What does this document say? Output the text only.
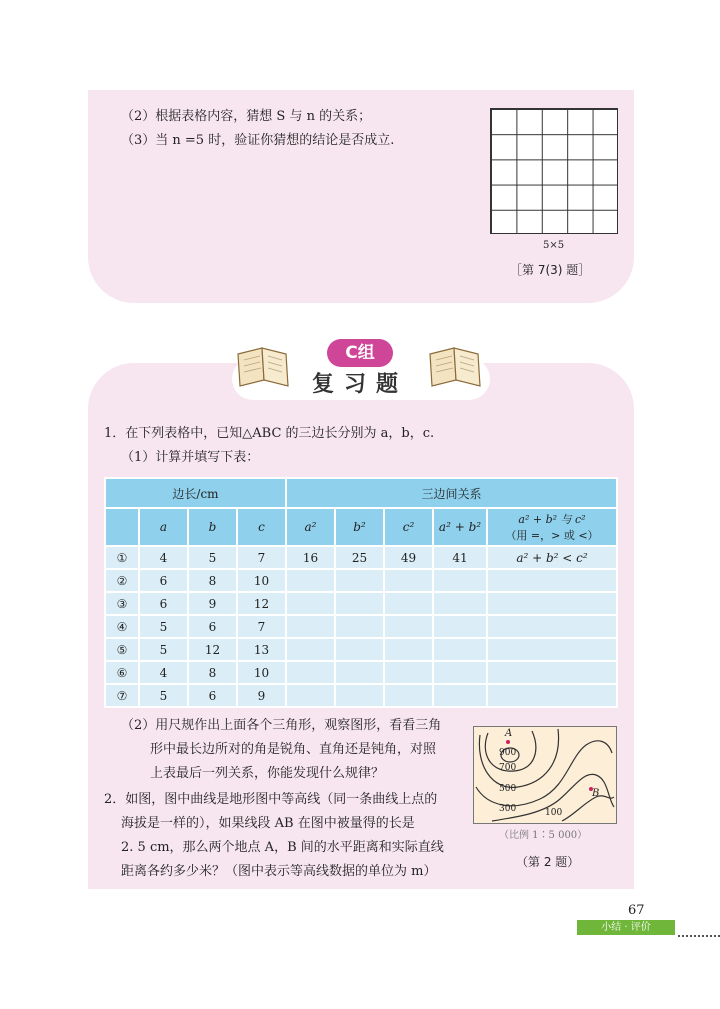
（2）根据表格内容，猜想 S 与 n 的关系；
（3）当 n =5 时，验证你猜想的结论是否成立.
5×5
［第 7(3) 题］
C组
复习题
1．在下列表格中，已知△ABC 的三边长分别为 a，b，c.
（1）计算并填写下表：
边长/cm				三边间关系				
	a	b	c	a²	b²	c²	a² + b²	a² + b² 与 c²
（用 =，> 或 <）

①	4	5	7	16	25	49	41	a² + b² < c²
②	6	8	10					
③	6	9	12					
④	5	6	7					
⑤	5	12	13					
⑥	4	8	10					
⑦	5	6	9					
（2）用尺规作出上面各个三角形，观察图形，看看三角
形中最长边所对的角是锐角、直角还是钝角，对照
上表最后一列关系，你能发现什么规律？
2．如图，图中曲线是地形图中等高线（同一条曲线上点的
海拔是一样的），如果线段 AB 在图中被量得的长是
2. 5 cm，那么两个地点 A，B 间的水平距离和实际直线
距离各约多少米？（图中表示等高线数据的单位为 m）
A
B
900
700
500
300	100
（比例 1∶5 000）
（第 2 题）
67
小结 · 评价
